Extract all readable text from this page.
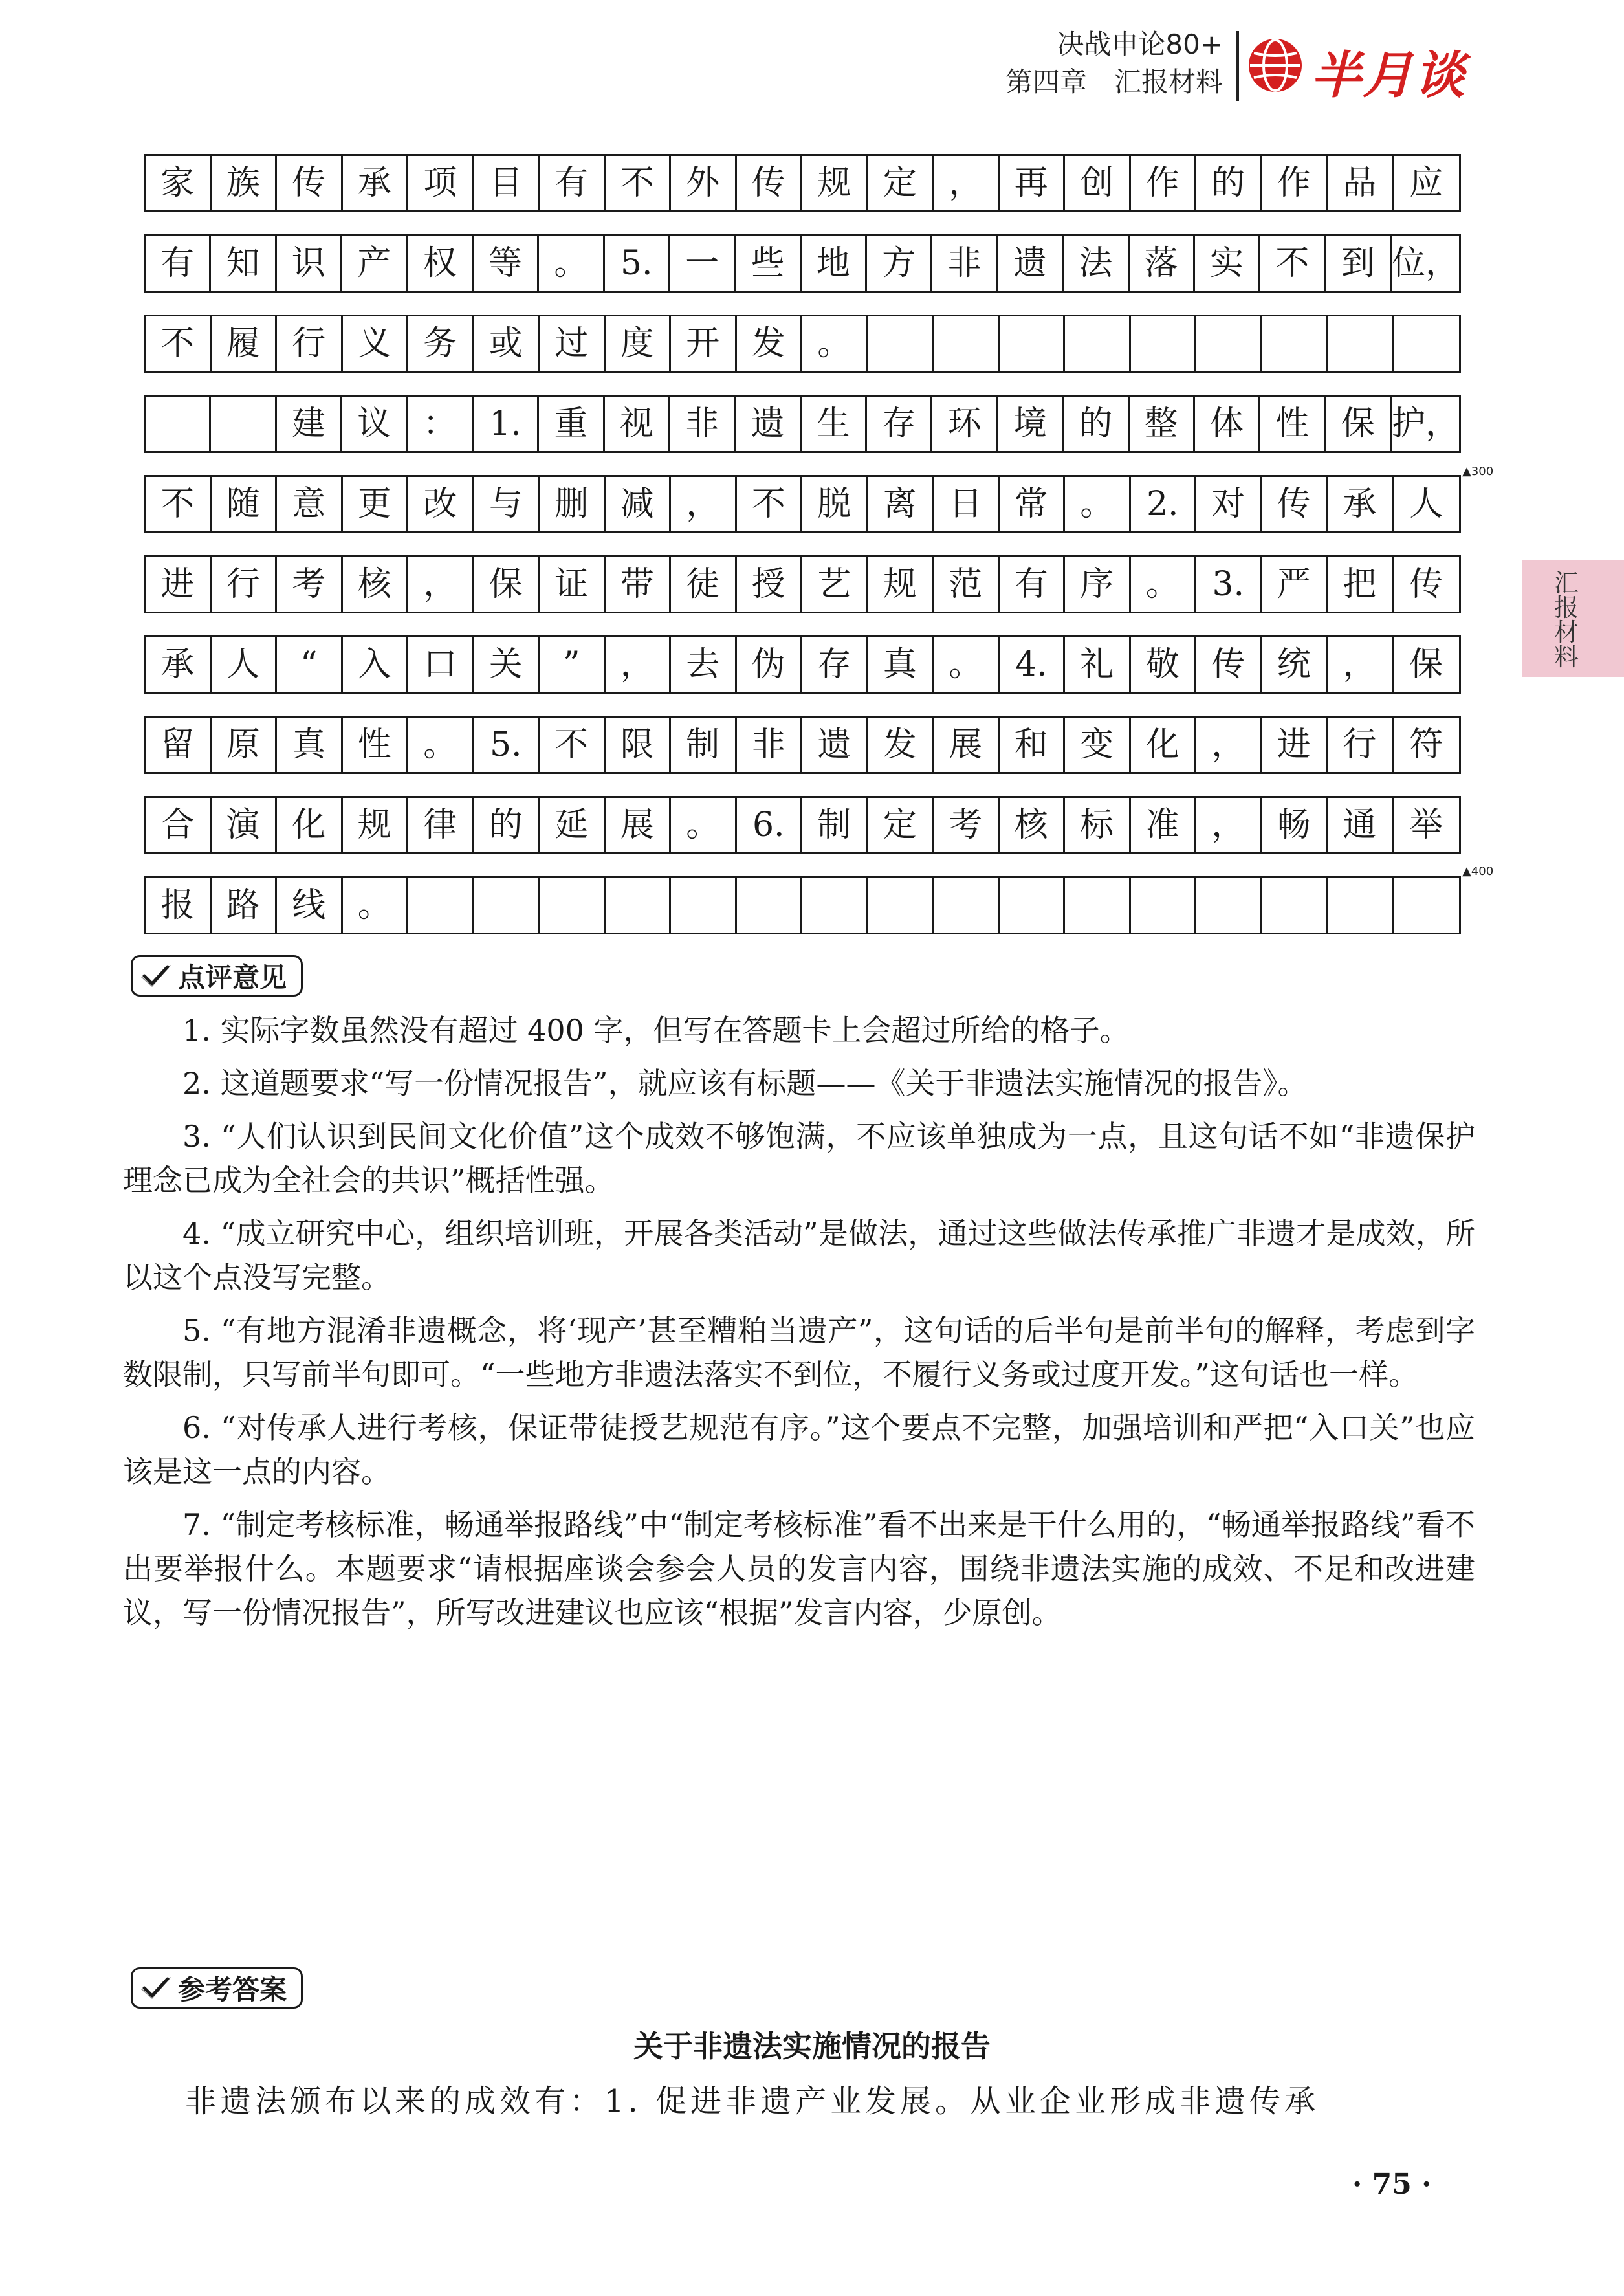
决战申论80+
第四章　汇报材料 半月谈
汇报材料
家 族 传 承 项 目 有 不 外 传 规 定 ， 再 创 作 的 作 品 应
有 知 识 产 权 等 。 5. 一 些 地 方 非 遗 法 落 实 不 到 位，
不 履 行 义 务 或 过 度 开 发 。
建 议 ： 1. 重 视 非 遗 生 存 环 境 的 整 体 性 保 护，
不 随 意 更 改 与 删 减 ， 不 脱 离 日 常 。 2. 对 传 承 人
进 行 考 核 ， 保 证 带 徒 授 艺 规 范 有 序 。 3. 严 把 传
承 人	“	入 口 关	”	， 去 伪 存 真 。 4. 礼 敬 传 统 ， 保
留 原 真 性 。 5. 不 限 制 非 遗 发 展 和 变 化 ， 进 行 符
合 演 化 规 律 的 延 展 。 6. 制 定 考 核 标 准 ， 畅 通 举
报 路 线 。
▲300
▲400
点评意见

1. 实际字数虽然没有超过 400 字，但写在答题卡上会超过所给的格子。

2. 这道题要求“写一份情况报告”，就应该有标题——《关于非遗法实施情况的报告》。

3. “人们认识到民间文化价值”这个成效不够饱满，不应该单独成为一点，且这句话不如“非遗保护理念已成为全社会的共识”概括性强。

4. “成立研究中心，组织培训班，开展各类活动”是做法，通过这些做法传承推广非遗才是成效，所以这个点没写完整。

5. “有地方混淆非遗概念，将‘现产’甚至糟粕当遗产”，这句话的后半句是前半句的解释，考虑到字数限制，只写前半句即可。“一些地方非遗法落实不到位，不履行义务或过度开发。”这句话也一样。

6. “对传承人进行考核，保证带徒授艺规范有序。”这个要点不完整，加强培训和严把“入口关”也应该是这一点的内容。

7. “制定考核标准，畅通举报路线”中“制定考核标准”看不出来是干什么用的，“畅通举报路线”看不出要举报什么。本题要求“请根据座谈会参会人员的发言内容，围绕非遗法实施的成效、不足和改进建议，写一份情况报告”，所写改进建议也应该“根据”发言内容，少原创。

参考答案
关于非遗法实施情况的报告
非遗法颁布以来的成效有：1. 促进非遗产业发展。从业企业形成非遗传承
· 75 ·
